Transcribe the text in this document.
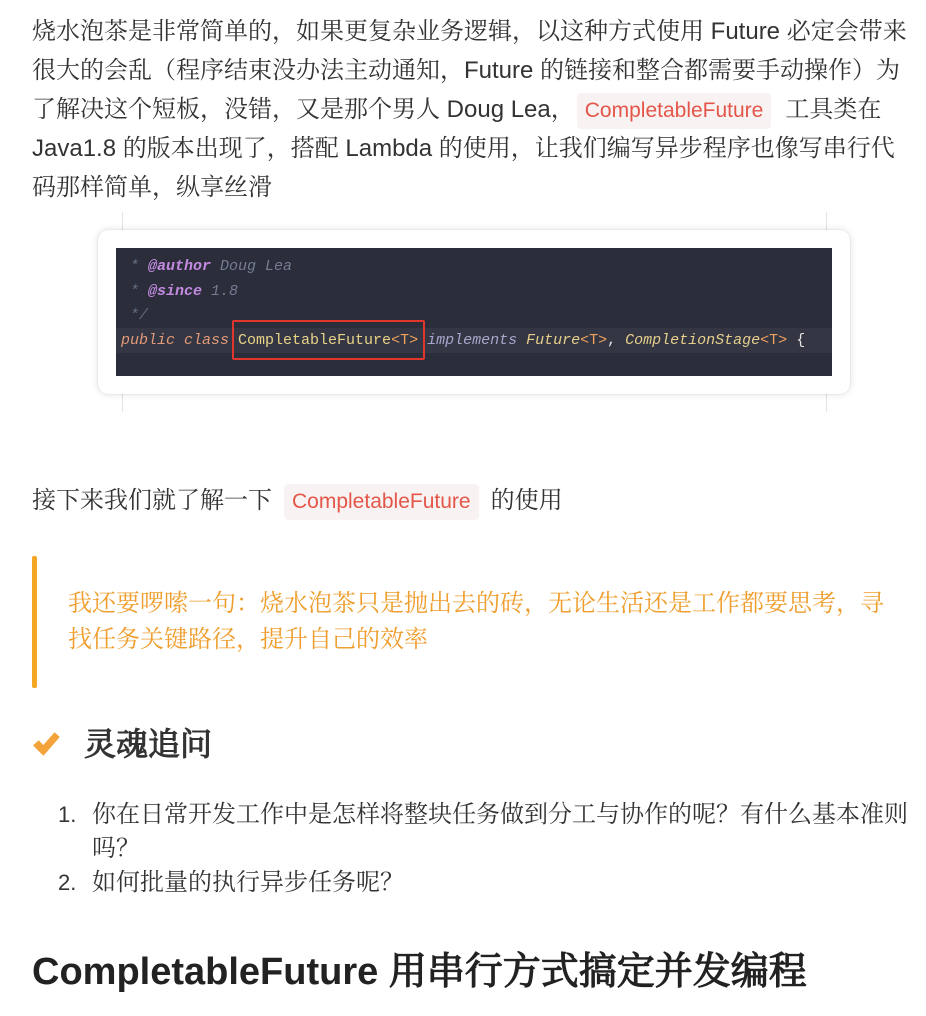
烧水泡茶是非常简单的，如果更复杂业务逻辑，以这种方式使用 Future 必定会带来
很大的会乱（程序结束没办法主动通知，Future 的链接和整合都需要手动操作）为
了解决这个短板，没错，又是那个男人 Doug Lea， CompletableFuture 工具类在
Java1.8 的版本出现了，搭配 Lambda 的使用，让我们编写异步程序也像写串行代
码那样简单，纵享丝滑
* @author Doug Lea
* @since 1.8
*/
public class CompletableFuture<T> implements Future<T>, CompletionStage<T> {
接下来我们就了解一下 CompletableFuture 的使用

我还要啰嗦一句：烧水泡茶只是抛出去的砖，无论生活还是工作都要思考，寻找任务关键路径，提升自己的效率

灵魂追问
1. 你在日常开发工作中是怎样将整块任务做到分工与协作的呢？有什么基本准则吗？
2. 如何批量的执行异步任务呢？
CompletableFuture 用串行方式搞定并发编程
